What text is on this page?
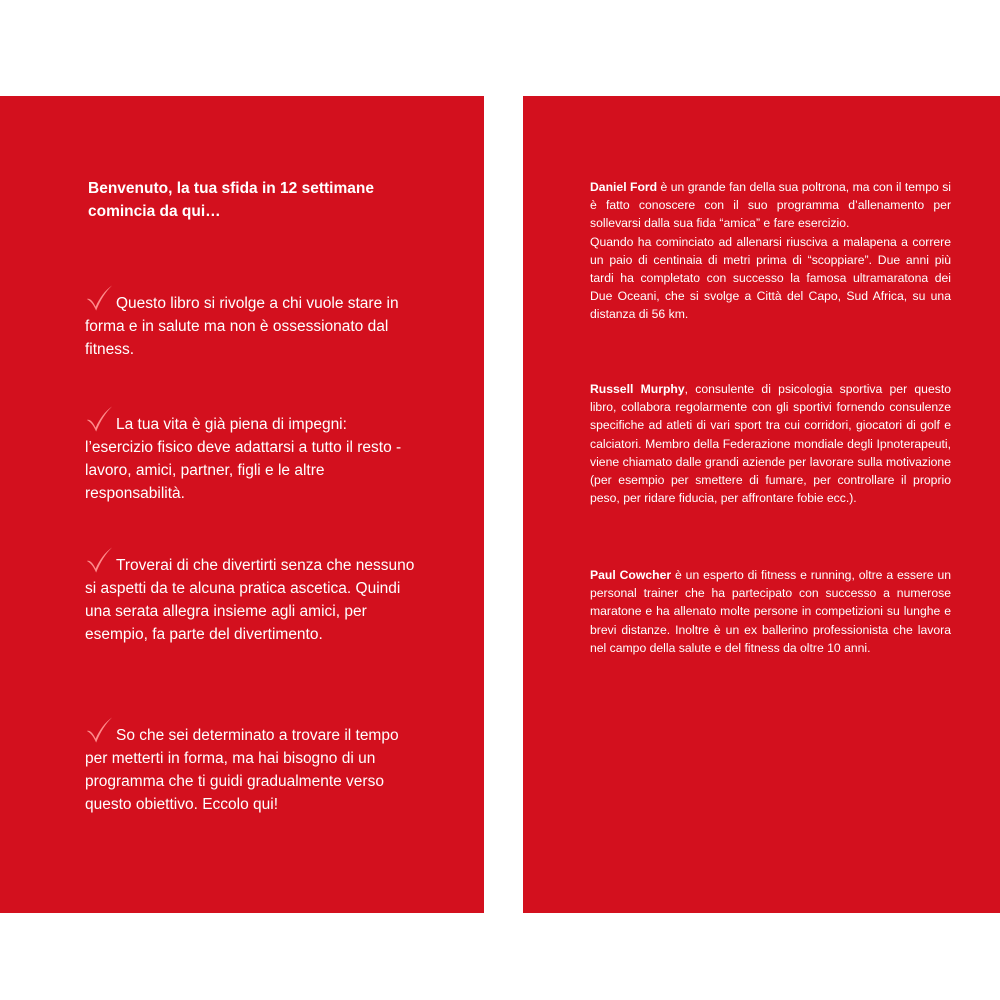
Benvenuto, la tua sfida in 12 settimane comincia da qui…
Questo libro si rivolge a chi vuole stare in forma e in salute ma non è ossessionato dal fitness.
La tua vita è già piena di impegni: l’esercizio fisico deve adattarsi a tutto il resto - lavoro, amici, partner, figli e le altre responsabilità.
Troverai di che divertirti senza che nessuno si aspetti da te alcuna pratica ascetica. Quindi una serata allegra insieme agli amici, per esempio, fa parte del divertimento.
So che sei determinato a trovare il tempo per metterti in forma, ma hai bisogno di un programma che ti guidi gradualmente verso questo obiettivo. Eccolo qui!
Daniel Ford è un grande fan della sua poltrona, ma con il tempo si è fatto conoscere con il suo programma d’allenamento per sollevarsi dalla sua fida “amica” e fare esercizio.
Quando ha cominciato ad allenarsi riusciva a malapena a correre un paio di centinaia di metri prima di “scoppiare”. Due anni più tardi ha completato con successo la famosa ultramaratona dei Due Oceani, che si svolge a Città del Capo, Sud Africa, su una distanza di 56 km.
Russell Murphy, consulente di psicologia sportiva per questo libro, collabora regolarmente con gli sportivi fornendo consulenze specifiche ad atleti di vari sport tra cui corridori, giocatori di golf e calciatori. Membro della Federazione mondiale degli Ipnoterapeuti, viene chiamato dalle grandi aziende per lavorare sulla motivazione (per esempio per smettere di fumare, per controllare il proprio peso, per ridare fiducia, per affrontare fobie ecc.).
Paul Cowcher è un esperto di fitness e running, oltre a essere un personal trainer che ha partecipato con successo a numerose maratone e ha allenato molte persone in competizioni su lunghe e brevi distanze. Inoltre è un ex ballerino professionista che lavora nel campo della salute e del fitness da oltre 10 anni.
